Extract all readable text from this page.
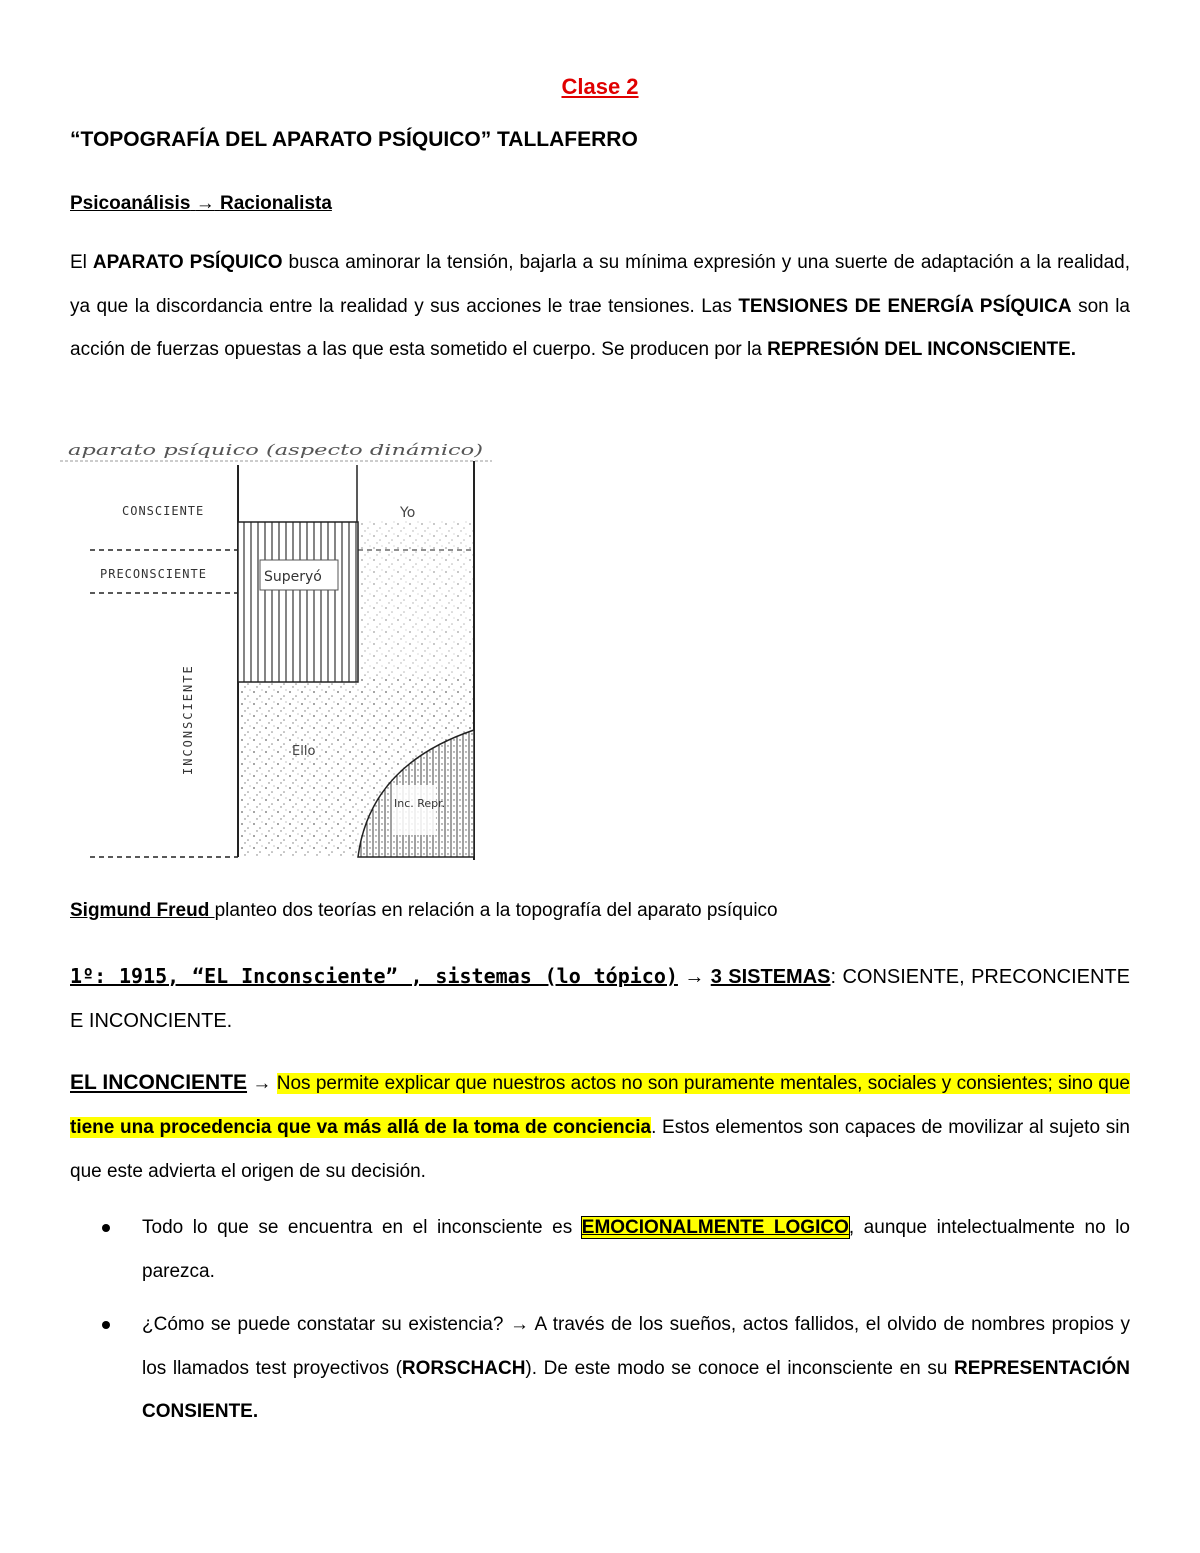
Clase 2
“TOPOGRAFÍA DEL APARATO PSÍQUICO” TALLAFERRO
Psicoanálisis → Racionalista

El APARATO PSÍQUICO busca aminorar la tensión, bajarla a su mínima expresión y una suerte de adaptación a la realidad, ya que la discordancia entre la realidad y sus acciones le trae tensiones. Las TENSIONES DE ENERGÍA PSÍQUICA son la acción de fuerzas opuestas a las que esta sometido el cuerpo. Se producen por la REPRESIÓN DEL INCONSCIENTE.

aparato psíquico (aspecto dinámico)
Superyó
Yo
Inc. Repr.
Ello
CONSCIENTE
PRECONSCIENTE
INCONSCIENTE
Sigmund Freud planteo dos teorías en relación a la topografía del aparato psíquico

1º: 1915, “EL Inconsciente” , sistemas (lo tópico) → 3 SISTEMAS: CONSIENTE, PRECONCIENTE E INCONCIENTE.

EL INCONCIENTE → Nos permite explicar que nuestros actos no son puramente mentales, sociales y consientes; sino que tiene una procedencia que va más allá de la toma de conciencia. Estos elementos son capaces de movilizar al sujeto sin que este advierta el origen de su decisión.

Todo lo que se encuentra en el inconsciente es EMOCIONALMENTE LOGICO, aunque intelectualmente no lo parezca.
¿Cómo se puede constatar su existencia? → A través de los sueños, actos fallidos, el olvido de nombres propios y los llamados test proyectivos (RORSCHACH). De este modo se conoce el inconsciente en su REPRESENTACIÓN CONSIENTE.
